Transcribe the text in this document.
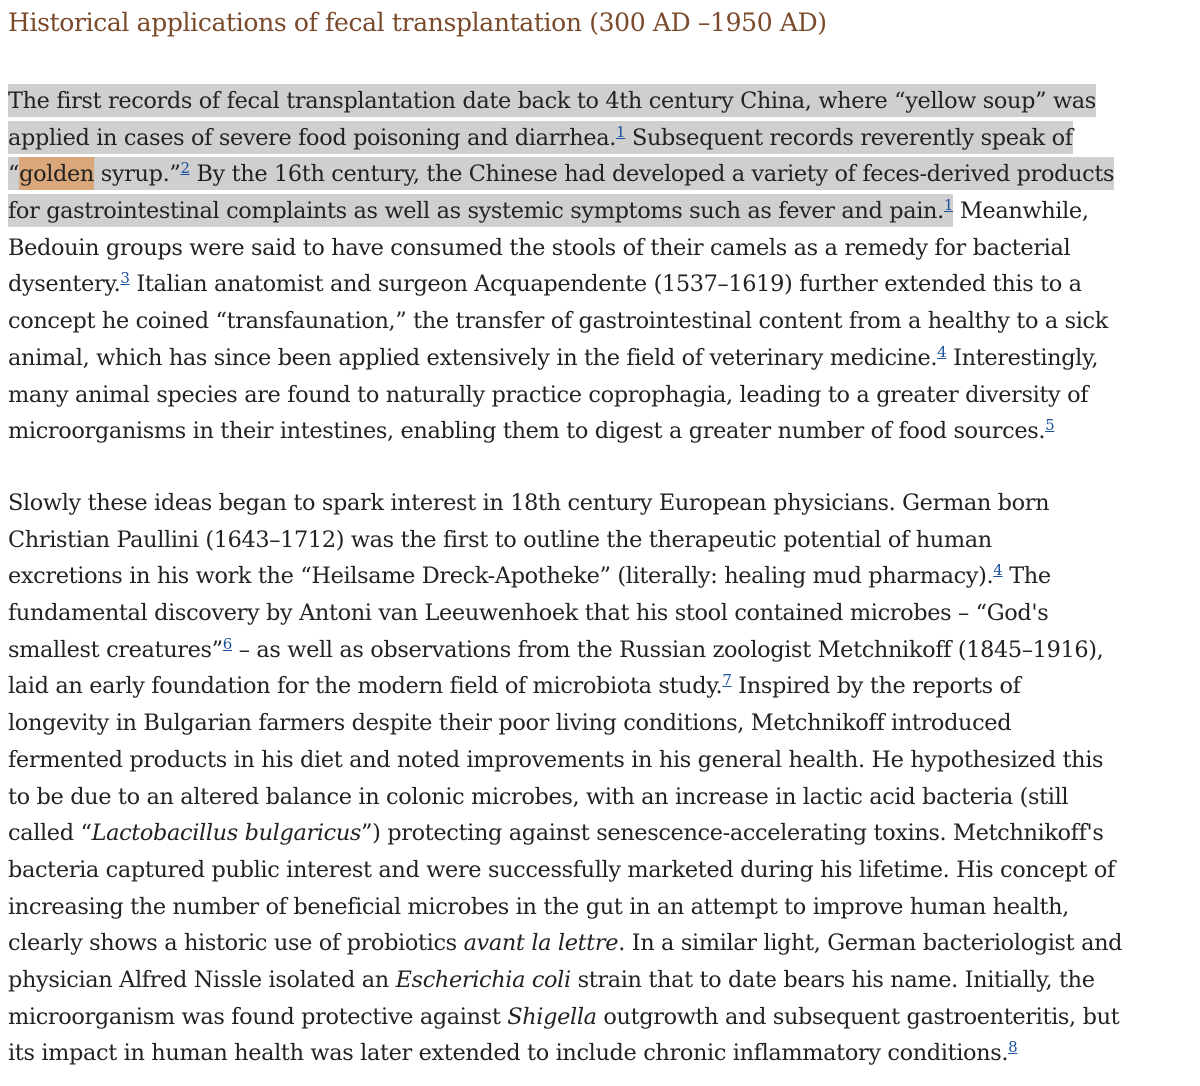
Historical applications of fecal transplantation (300 AD –1950 AD)
The first records of fecal transplantation date back to 4th century China, where “yellow soup” was
applied in cases of severe food poisoning and diarrhea.$^1$ Subsequent records reverently speak of
“golden syrup.”$^2$ By the 16th century, the Chinese had developed a variety of feces-derived products
for gastrointestinal complaints as well as systemic symptoms such as fever and pain.$^1$ Meanwhile,
Bedouin groups were said to have consumed the stools of their camels as a remedy for bacterial
dysentery.$^3$ Italian anatomist and surgeon Acquapendente (1537–1619) further extended this to a
concept he coined “transfaunation,” the transfer of gastrointestinal content from a healthy to a sick
animal, which has since been applied extensively in the field of veterinary medicine.$^4$ Interestingly,
many animal species are found to naturally practice coprophagia, leading to a greater diversity of
microorganisms in their intestines, enabling them to digest a greater number of food sources.$^5$
Slowly these ideas began to spark interest in 18th century European physicians. German born
Christian Paullini (1643–1712) was the first to outline the therapeutic potential of human
excretions in his work the “Heilsame Dreck-Apotheke” (literally: healing mud pharmacy).$^4$ The
fundamental discovery by Antoni van Leeuwenhoek that his stool contained microbes – “God's
smallest creatures”$^6$ – as well as observations from the Russian zoologist Metchnikoff (1845–1916),
laid an early foundation for the modern field of microbiota study.$^7$ Inspired by the reports of
longevity in Bulgarian farmers despite their poor living conditions, Metchnikoff introduced
fermented products in his diet and noted improvements in his general health. He hypothesized this
to be due to an altered balance in colonic microbes, with an increase in lactic acid bacteria (still
called “Lactobacillus bulgaricus”) protecting against senescence-accelerating toxins. Metchnikoff's
bacteria captured public interest and were successfully marketed during his lifetime. His concept of
increasing the number of beneficial microbes in the gut in an attempt to improve human health,
clearly shows a historic use of probiotics avant la lettre. In a similar light, German bacteriologist and
physician Alfred Nissle isolated an Escherichia coli strain that to date bears his name. Initially, the
microorganism was found protective against Shigella outgrowth and subsequent gastroenteritis, but
its impact in human health was later extended to include chronic inflammatory conditions.$^8$
